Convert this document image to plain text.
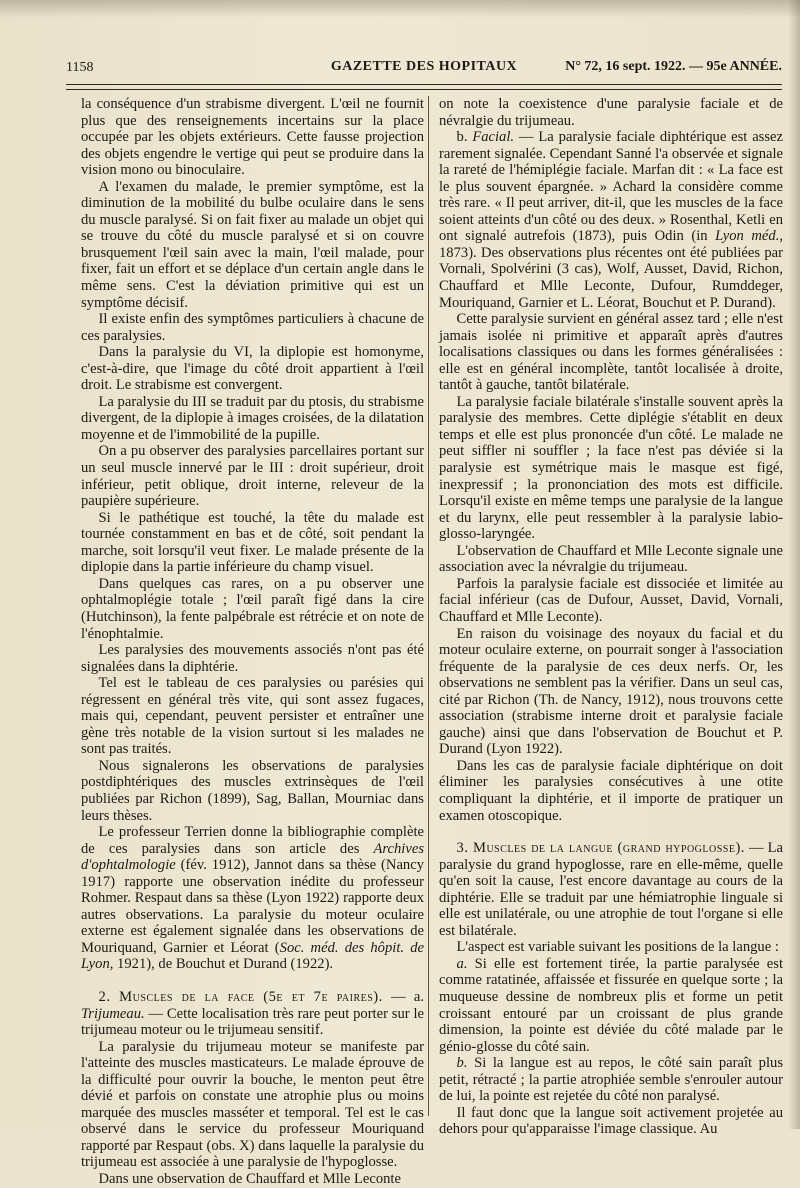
1158	GAZETTE DES HOPITAUX	N° 72, 16 sept. 1922. — 95e ANNÉE.

la conséquence d'un strabisme divergent. L'œil ne fournit plus que des renseignements incertains sur la place occupée par les objets extérieurs. Cette fausse projection des objets engendre le vertige qui peut se produire dans la vision mono ou binoculaire.

A l'examen du malade, le premier symptôme, est la diminution de la mobilité du bulbe oculaire dans le sens du muscle paralysé. Si on fait fixer au malade un objet qui se trouve du côté du muscle paralysé et si on couvre brusquement l'œil sain avec la main, l'œil malade, pour fixer, fait un effort et se déplace d'un certain angle dans le même sens. C'est la déviation primitive qui est un symptôme décisif.

Il existe enfin des symptômes particuliers à chacune de ces paralysies.

Dans la paralysie du VI, la diplopie est homonyme, c'est-à-dire, que l'image du côté droit appartient à l'œil droit. Le strabisme est convergent.

La paralysie du III se traduit par du ptosis, du strabisme divergent, de la diplopie à images croisées, de la dilatation moyenne et de l'immobilité de la pupille.

On a pu observer des paralysies parcellaires portant sur un seul muscle innervé par le III : droit supérieur, droit inférieur, petit oblique, droit interne, releveur de la paupière supérieure.

Si le pathétique est touché, la tête du malade est tournée constamment en bas et de côté, soit pendant la marche, soit lorsqu'il veut fixer. Le malade présente de la diplopie dans la partie inférieure du champ visuel.

Dans quelques cas rares, on a pu observer une ophtalmoplégie totale ; l'œil paraît figé dans la cire (Hutchinson), la fente palpébrale est rétrécie et on note de l'énophtalmie.

Les paralysies des mouvements associés n'ont pas été signalées dans la diphtérie.

Tel est le tableau de ces paralysies ou parésies qui régressent en général très vite, qui sont assez fugaces, mais qui, cependant, peuvent persister et entraîner une gène très notable de la vision surtout si les malades ne sont pas traités.

Nous signalerons les observations de paralysies postdiphtériques des muscles extrinsèques de l'œil publiées par Richon (1899), Sag, Ballan, Mourniac dans leurs thèses.

Le professeur Terrien donne la bibliographie complète de ces paralysies dans son article des Archives d'ophtalmologie (fév. 1912), Jannot dans sa thèse (Nancy 1917) rapporte une observation inédite du professeur Rohmer. Respaut dans sa thèse (Lyon 1922) rapporte deux autres observations. La paralysie du moteur oculaire externe est également signalée dans les observations de Mouriquand, Garnier et Léorat (Soc. méd. des hôpit. de Lyon, 1921), de Bouchut et Durand (1922).

2. Muscles de la face (5e et 7e paires). — a. Trijumeau. — Cette localisation très rare peut porter sur le trijumeau moteur ou le trijumeau sensitif.

La paralysie du trijumeau moteur se manifeste par l'atteinte des muscles masticateurs. Le malade éprouve de la difficulté pour ouvrir la bouche, le menton peut être dévié et parfois on constate une atrophie plus ou moins marquée des muscles masséter et temporal. Tel est le cas observé dans le service du professeur Mouriquand rapporté par Respaut (obs. X) dans laquelle la paralysie du trijumeau est associée à une paralysie de l'hypoglosse.

Dans une observation de Chauffard et Mlle Leconte

on note la coexistence d'une paralysie faciale et de névralgie du trijumeau.

b. Facial. — La paralysie faciale diphtérique est assez rarement signalée. Cependant Sanné l'a observée et signale la rareté de l'hémiplégie faciale. Marfan dit : « La face est le plus souvent épargnée. » Achard la considère comme très rare. « Il peut arriver, dit-il, que les muscles de la face soient atteints d'un côté ou des deux. » Rosenthal, Ketli en ont signalé autrefois (1873), puis Odin (in Lyon méd., 1873). Des observations plus récentes ont été publiées par Vornali, Spolvérini (3 cas), Wolf, Ausset, David, Richon, Chauffard et Mlle Leconte, Dufour, Rumddeger, Mouriquand, Garnier et L. Léorat, Bouchut et P. Durand).

Cette paralysie survient en général assez tard ; elle n'est jamais isolée ni primitive et apparaît après d'autres localisations classiques ou dans les formes généralisées : elle est en général incomplète, tantôt localisée à droite, tantôt à gauche, tantôt bilatérale.

La paralysie faciale bilatérale s'installe souvent après la paralysie des membres. Cette diplégie s'établit en deux temps et elle est plus prononcée d'un côté. Le malade ne peut siffler ni souffler ; la face n'est pas déviée si la paralysie est symétrique mais le masque est figé, inexpressif ; la prononciation des mots est difficile. Lorsqu'il existe en même temps une paralysie de la langue et du larynx, elle peut ressembler à la paralysie labio-glosso-laryngée.

L'observation de Chauffard et Mlle Leconte signale une association avec la névralgie du trijumeau.

Parfois la paralysie faciale est dissociée et limitée au facial inférieur (cas de Dufour, Ausset, David, Vornali, Chauffard et Mlle Leconte).

En raison du voisinage des noyaux du facial et du moteur oculaire externe, on pourrait songer à l'association fréquente de la paralysie de ces deux nerfs. Or, les observations ne semblent pas la vérifier. Dans un seul cas, cité par Richon (Th. de Nancy, 1912), nous trouvons cette association (strabisme interne droit et paralysie faciale gauche) ainsi que dans l'observation de Bouchut et P. Durand (Lyon 1922).

Dans les cas de paralysie faciale diphtérique on doit éliminer les paralysies consécutives à une otite compliquant la diphtérie, et il importe de pratiquer un examen otoscopique.

3. Muscles de la langue (grand hypoglosse). — La paralysie du grand hypoglosse, rare en elle-même, quelle qu'en soit la cause, l'est encore davantage au cours de la diphtérie. Elle se traduit par une hémiatrophie linguale si elle est unilatérale, ou une atrophie de tout l'organe si elle est bilatérale.

L'aspect est variable suivant les positions de la langue :

a. Si elle est fortement tirée, la partie paralysée est comme ratatinée, affaissée et fissurée en quelque sorte ; la muqueuse dessine de nombreux plis et forme un petit croissant entouré par un croissant de plus grande dimension, la pointe est déviée du côté malade par le génio-glosse du côté sain.

b. Si la langue est au repos, le côté sain paraît plus petit, rétracté ; la partie atrophiée semble s'enrouler autour de lui, la pointe est rejetée du côté non paralysé.

Il faut donc que la langue soit activement projetée au dehors pour qu'apparaisse l'image classique. Au
